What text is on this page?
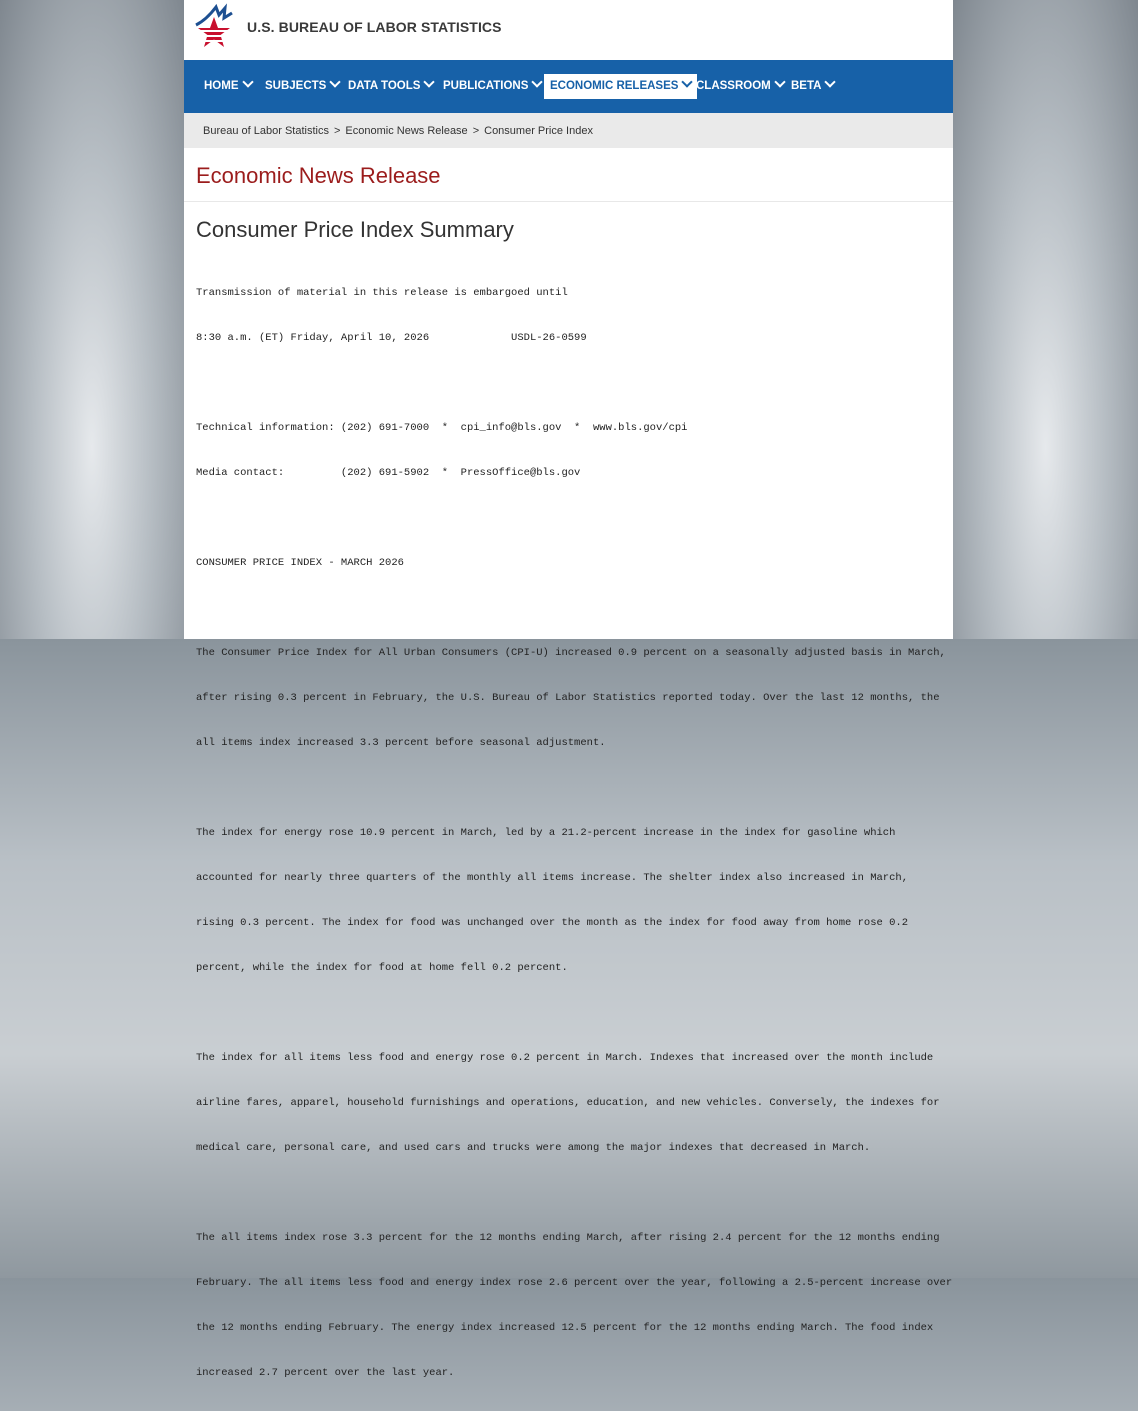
U.S. BUREAU OF LABOR STATISTICS
HOME	SUBJECTS	DATA TOOLS	PUBLICATIONS	ECONOMIC RELEASES	CLASSROOM	BETA
Bureau of Labor Statistics > Economic News Release > Consumer Price Index
Economic News Release
Consumer Price Index Summary

Transmission of material in this release is embargoed until

8:30 a.m. (ET) Friday, April 10, 2026             USDL-26-0599

Technical information: (202) 691-7000  *  cpi_info@bls.gov  *  www.bls.gov/cpi

Media contact:         (202) 691-5902  *  PressOffice@bls.gov

CONSUMER PRICE INDEX - MARCH 2026

The Consumer Price Index for All Urban Consumers (CPI-U) increased 0.9 percent on a seasonally adjusted basis in March,

after rising 0.3 percent in February, the U.S. Bureau of Labor Statistics reported today. Over the last 12 months, the

all items index increased 3.3 percent before seasonal adjustment.

The index for energy rose 10.9 percent in March, led by a 21.2-percent increase in the index for gasoline which

accounted for nearly three quarters of the monthly all items increase. The shelter index also increased in March,

rising 0.3 percent. The index for food was unchanged over the month as the index for food away from home rose 0.2

percent, while the index for food at home fell 0.2 percent.

The index for all items less food and energy rose 0.2 percent in March. Indexes that increased over the month include

airline fares, apparel, household furnishings and operations, education, and new vehicles. Conversely, the indexes for

medical care, personal care, and used cars and trucks were among the major indexes that decreased in March.

The all items index rose 3.3 percent for the 12 months ending March, after rising 2.4 percent for the 12 months ending

February. The all items less food and energy index rose 2.6 percent over the year, following a 2.5-percent increase over

the 12 months ending February. The energy index increased 12.5 percent for the 12 months ending March. The food index

increased 2.7 percent over the last year.
